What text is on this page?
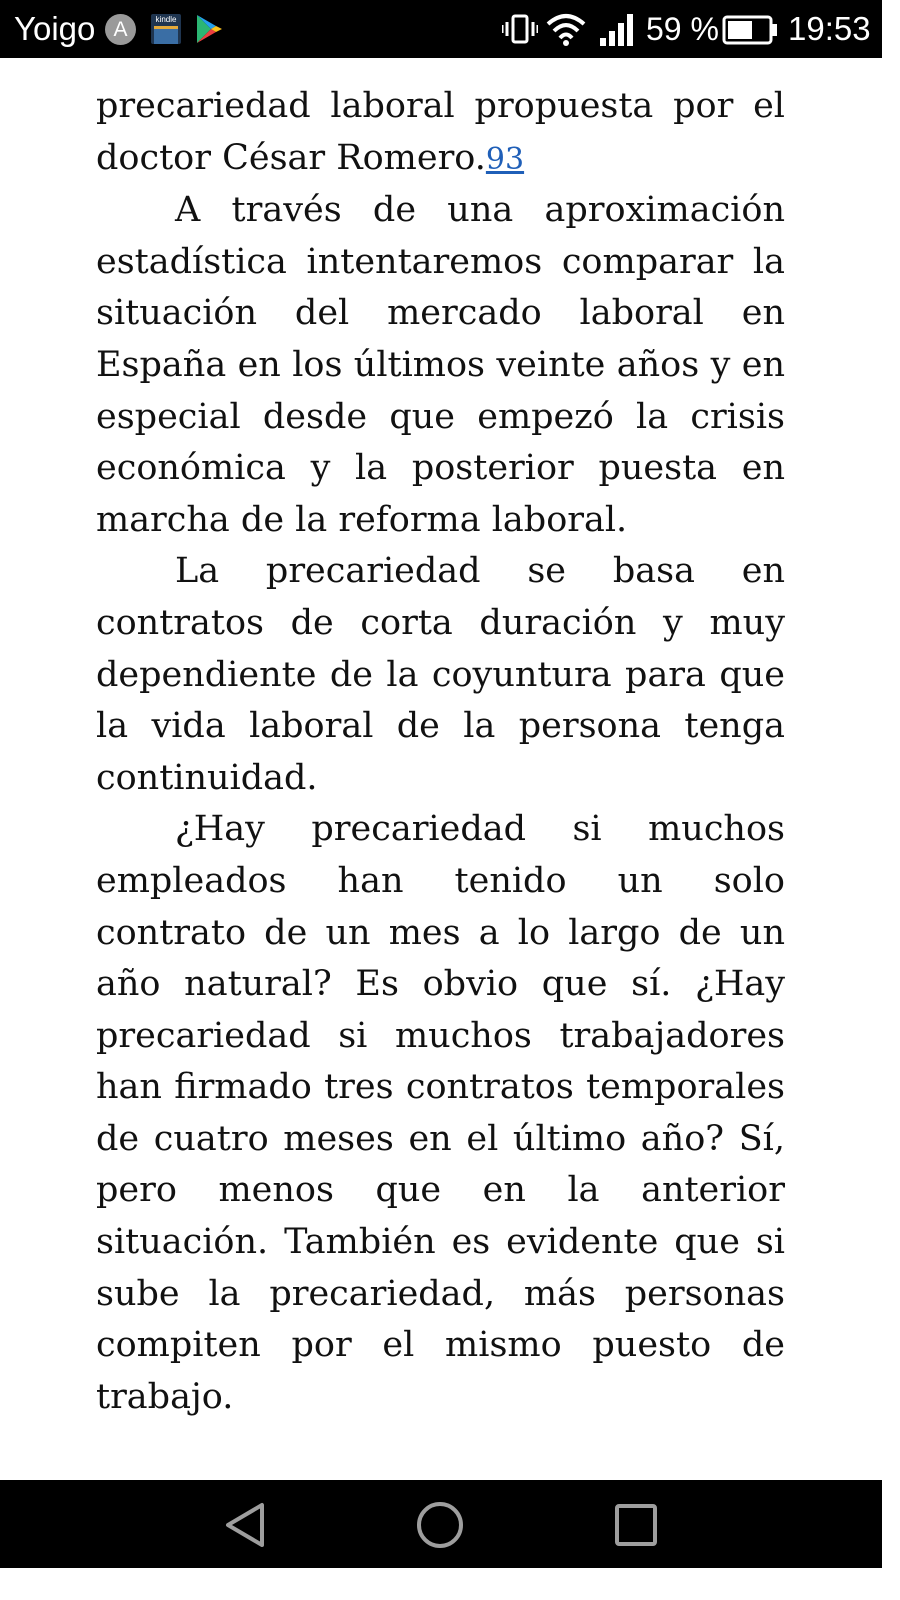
Yoigo A	kindle	59 % 19:53

precariedad laboral propuesta por el doctor César Romero.93

A través de una aproximación estadística intentaremos comparar la situación del mercado laboral en España en los últimos veinte años y en especial desde que empezó la crisis económica y la posterior puesta en marcha de la reforma laboral.

La precariedad se basa en contratos de corta duración y muy dependiente de la coyuntura para que la vida laboral de la persona tenga continuidad.

¿Hay precariedad si muchos empleados han tenido un solo contrato de un mes a lo largo de un año natural? Es obvio que sí. ¿Hay precariedad si muchos trabajadores han firmado tres contratos temporales de cuatro meses en el último año? Sí, pero menos que en la anterior situación. También es evidente que si sube la precariedad, más personas compiten por el mismo puesto de trabajo.
